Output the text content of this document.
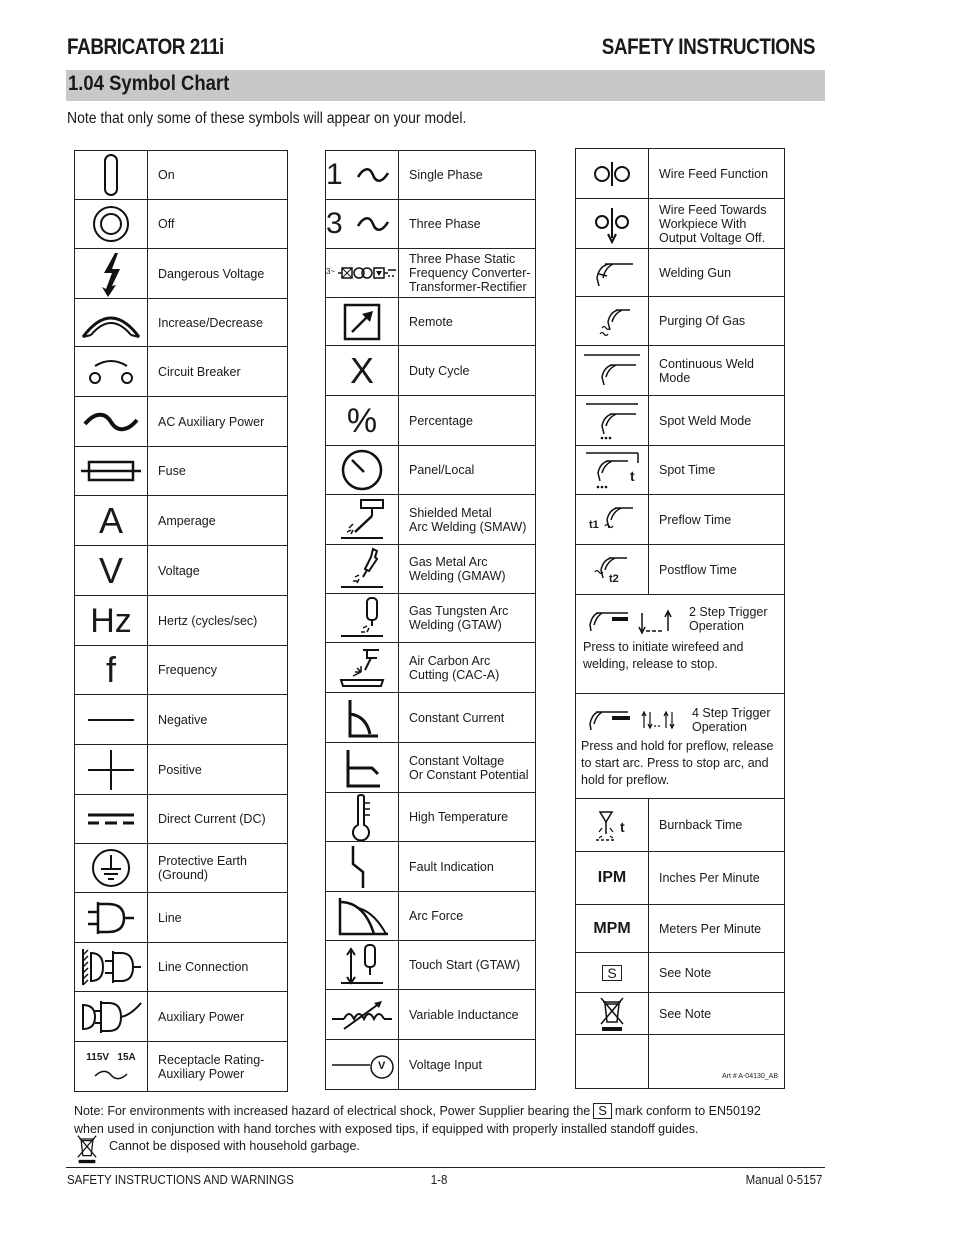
FABRICATOR 211i	SAFETY INSTRUCTIONS
1.04 Symbol Chart
Note that only some of these symbols will appear on your model.

On

Off

Dangerous Voltage

Increase/Decrease

Circuit Breaker

AC Auxiliary Power

Fuse

A	Amperage

V	Voltage

Hz	Hertz (cycles/sec)

f	Frequency

Negative

Positive

Direct Current (DC)

Protective Earth
(Ground)

Line

Line Connection

Auxiliary Power

115V   15A	Receptacle Rating-
Auxiliary Power
1	Single Phase

3	Three Phase

3~	Three Phase Static
Frequency Converter-
Transformer-Rectifier

Remote

X	Duty Cycle

%	Percentage

Panel/Local

Shielded Metal
Arc Welding (SMAW)

Gas Metal Arc
Welding (GMAW)

Gas Tungsten Arc
Welding (GTAW)

Air Carbon Arc
Cutting (CAC-A)

Constant Current

Constant Voltage
Or Constant Potential

High Temperature

Fault Indication

Arc Force

Touch Start (GTAW)

Variable Inductance

V	Voltage Input

Wire Feed Function

Wire Feed Towards
Workpiece With
Output Voltage Off.

Welding Gun

Purging Of Gas

Continuous Weld
Mode

Spot Weld Mode

t	Spot Time

t1	Preflow Time

t2	Postflow Time

2 Step Trigger
Operation
Press to initiate wirefeed and
welding, release to stop.	

4 Step Trigger
Operation
Press and hold for preflow, release
to start arc. Press to stop arc, and
hold for preflow.	

t	Burnback Time

IPM	Inches Per Minute

MPM	Meters Per Minute

S	See Note

See Note

	Art # A-04130_AB
Note: For environments with increased hazard of electrical shock, Power Supplier bearing the S mark conform to EN50192
when used in conjunction with hand torches with exposed tips, if equipped with properly installed standoff guides.
Cannot be disposed with household garbage.
SAFETY INSTRUCTIONS AND WARNINGS	1-8	Manual 0-5157
